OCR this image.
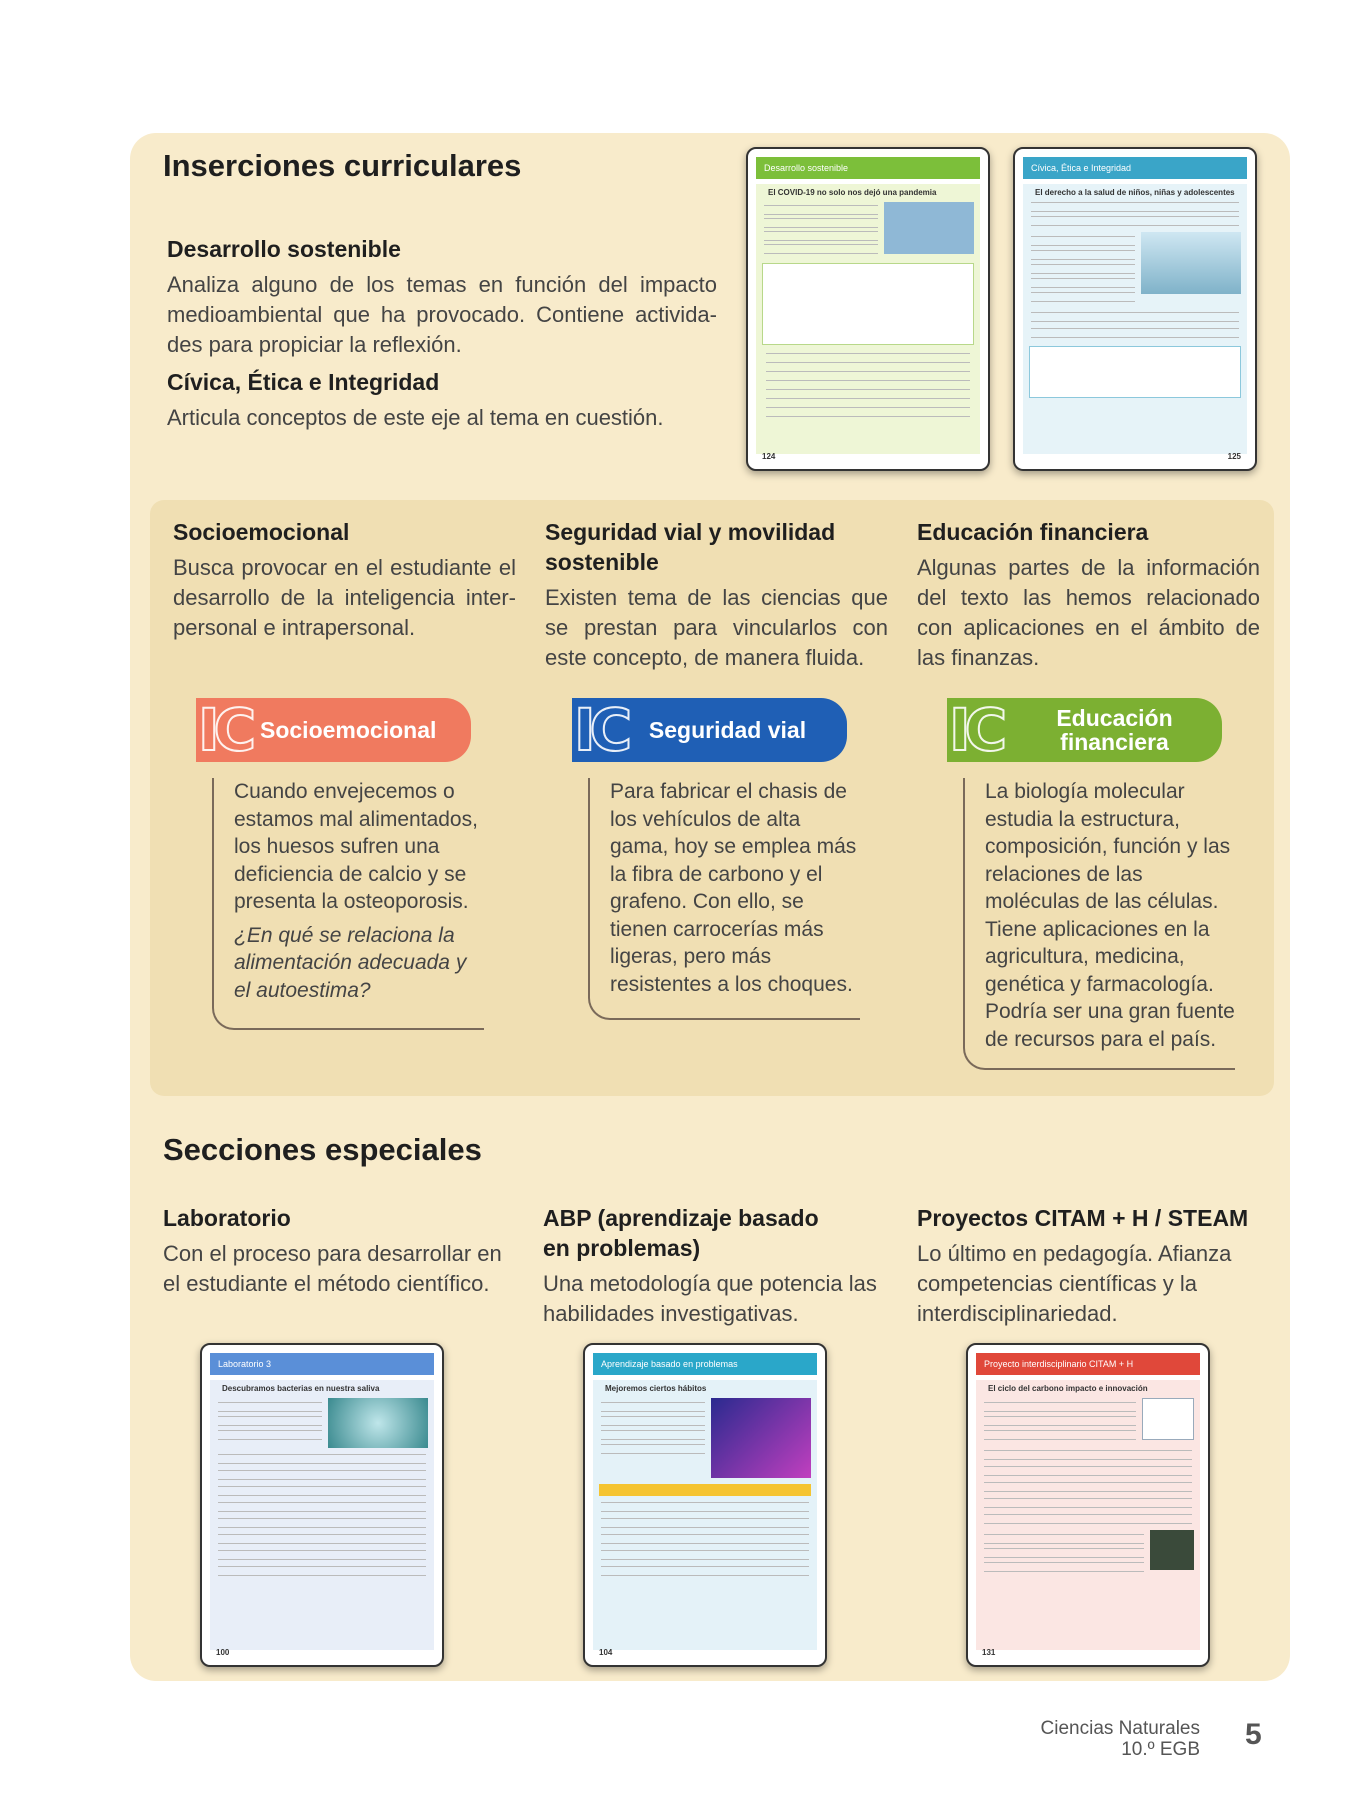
Inserciones curriculares
Desarrollo sostenible
Analiza alguno de los temas en función del impacto medioambiental que ha provocado. Contiene activida-des para propiciar la reflexión.
Cívica, Ética e Integridad
Articula conceptos de este eje al tema en cuestión.
Desarrollo sostenible
El COVID-19 no solo nos dejó una pandemia
124
Cívica, Ética e Integridad
El derecho a la salud de niños, niñas y adolescentes
125
Socioemocional
Busca provocar en el estudiante el desarrollo de la inteligencia inter-personal e intrapersonal.
Seguridad vial y movilidad sostenible
Existen tema de las ciencias que se prestan para vincularlos con este concepto, de manera fluida.
Educación financiera
Algunas partes de la información del texto las hemos relacionado con aplicaciones en el ámbito de las finanzas.
IC Socioemocional
Cuando envejecemos o estamos mal alimentados, los huesos sufren una deficiencia de calcio y se presenta la osteoporosis.
¿En qué se relaciona la alimentación adecuada y el autoestima?
IC Seguridad vial
Para fabricar el chasis de los vehículos de alta gama, hoy se emplea más la fibra de carbono y el grafeno. Con ello, se tienen carrocerías más ligeras, pero más resistentes a los choques.
IC Educación financiera
La biología molecular estudia la estructura, composición, función y las relaciones de las moléculas de las células. Tiene aplicaciones en la agricultura, medicina, genética y farmacología. Podría ser una gran fuente de recursos para el país.
Secciones especiales
Laboratorio
Con el proceso para desarrollar en el estudiante el método científico.
ABP (aprendizaje basado en problemas)
Una metodología que potencia las habilidades investigativas.
Proyectos CITAM + H / STEAM
Lo último en pedagogía. Afianza competencias científicas y la interdisciplinariedad.
Laboratorio 3
Descubramos bacterias en nuestra saliva
100
Aprendizaje basado en problemas
Mejoremos ciertos hábitos
104
Proyecto interdisciplinario CITAM + H
El ciclo del carbono impacto e innovación
131
Ciencias Naturales
10.º EGB 5
